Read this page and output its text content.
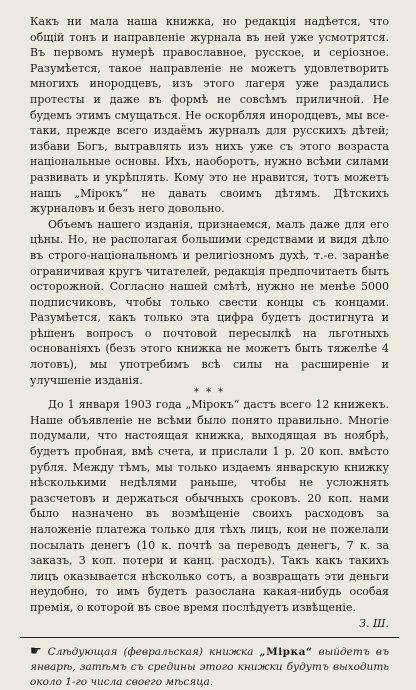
Какъ ни мала наша книжка, но редакція надѣется, что общій тонъ и направленіе журнала въ ней уже усмотрятся. Въ первомъ нумерѣ православное, русское, и серіозное. Разумѣется, такое направленіе не можетъ удовлетворить многихъ инородцевъ, изъ этого лагеря уже раздались протесты и даже въ формѣ не совсѣмъ приличной. Не будемъ этимъ смущаться. Не оскорбляя инородцевъ, мы все-таки, прежде всего издаёмъ журналъ для русскихъ дѣтей; избави Богъ, вытравлять изъ нихъ уже съ этого возраста національные основы. Ихъ, наоборотъ, нужно всѣми силами развивать и укрѣплять. Кому это не нравится, тотъ можетъ нашъ „Мірокъ“ не давать своимъ дѣтямъ. Дѣтскихъ журналовъ и безъ него довольно.

Объемъ нашего изданія, признаемся, малъ даже для его цѣны. Но, не располагая большими средствами и видя дѣло въ строго-національномъ и религіозномъ духѣ, т.-е. заранѣе ограничивая кругъ читателей, редакція предпочитаетъ быть осторожной. Согласно нашей смѣтѣ, нужно не менѣе 5000 подписчиковъ, чтобы только свести концы съ концами. Разумѣется, какъ только эта цифра будетъ достигнута и рѣшенъ вопросъ о почтовой пересылкѣ на льготныхъ основаніяхъ (безъ этого книжка не можетъ быть тяжелѣе 4 лотовъ), мы употребимъ всѣ силы на расширеніе и улучшеніе изданія.

* * *

До 1 января 1903 года „Мірокъ“ дастъ всего 12 книжекъ. Наше объявленіе не всѣми было понято правильно. Многіе подумали, что настоящая книжка, выходящая въ ноябрѣ, будетъ пробная, вмѣ счета, и прислали 1 р. 20 коп. вмѣсто рубля. Между тѣмъ, мы только издаемъ январскую книжку нѣсколькими недѣлями раньше, чтобы не усложнять разсчетовъ и держаться обычныхъ сроковъ. 20 коп. нами было назначено въ возмѣщеніе своихъ расходовъ за наложеніе платежа только для тѣхъ лицъ, кои не пожелали посылать денегъ (10 к. почтѣ за переводъ денегъ, 7 к. за заказъ, 3 коп. потери и канц. расходъ). Такъ какъ такихъ лицъ оказывается нѣсколько сотъ, а возвращать эти деньги неудобно, то имъ будетъ разослана какая-нибудь особая премія, о которой въ свое время послѣдуетъ извѣщеніе.
З. Ш.

☛ Слѣдующая (февральская) книжка „Мірка“ выйдетъ въ январѣ, затѣмъ съ средины этого книжки будутъ выходить около 1-го числа своего мѣсяца.
